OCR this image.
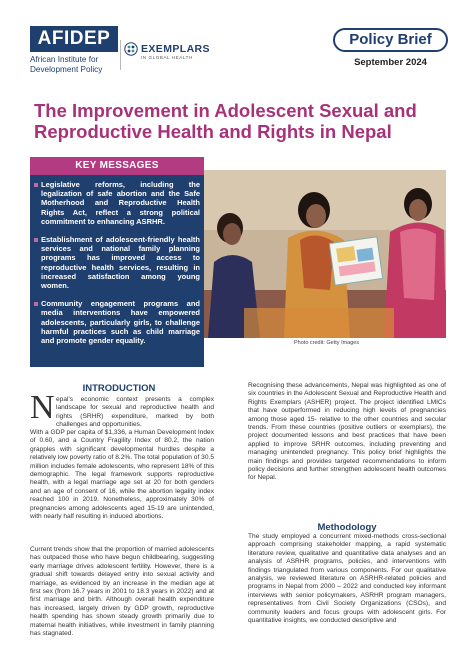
AFIDEP
African Institute for Development Policy
EXEMPLARS
IN GLOBAL HEALTH
Policy Brief
September 2024
The Improvement in Adolescent Sexual and Reproductive Health and Rights in Nepal
KEY MESSAGES
Legislative reforms, including the legalization of safe abortion and the Safe Motherhood and Reproductive Health Rights Act, reflect a strong political commitment to enhancing ASRHR.
Establishment of adolescent-friendly health services and national family planning programs has improved access to reproductive health services, resulting in increased satisfaction among young women.
Community engagement programs and media interventions have empowered adolescents, particularly girls, to challenge harmful practices such as child marriage and promote gender equality.	Photo credit: Getty Images
INTRODUCTION
N epal's economic context presents a complex landscape for sexual and reproductive health and rights (SRHR) expenditure, marked by both challenges and opportunities.

With a GDP per capita of $1,336, a Human Development Index of 0.60, and a Country Fragility Index of 80.2, the nation grapples with significant developmental hurdles despite a relatively low poverty ratio of 8.2%. The total population of 30.5 million includes female adolescents, who represent 18% of this demographic. The legal framework supports reproductive health, with a legal marriage age set at 20 for both genders and an age of consent of 16, while the abortion legality index reached 100 in 2019. Nonetheless, approximately 30% of pregnancies among adolescents aged 15-19 are unintended, with nearly half resulting in induced abortions.

Current trends show that the proportion of married adolescents has outpaced those who have begun childbearing, suggesting early marriage drives adolescent fertility. However, there is a gradual shift towards delayed entry into sexual activity and marriage, as evidenced by an increase in the median age at first sex (from 16.7 years in 2001 to 18.3 years in 2022) and at first marriage and birth. Although overall health expenditure has increased, largely driven by GDP growth, reproductive health spending has shown steady growth primarily due to maternal health initiatives, while investment in family planning has stagnated.

Recognising these advancements, Nepal was highlighted as one of six countries in the Adolescent Sexual and Reproductive Health and Rights Exemplars (ASHER) project. The project identified LMICs that have outperformed in reducing high levels of pregnancies among those aged 15- relative to the other countries and secular trends. From these countries (positive outliers or exemplars), the project documented lessons and best practices that have been applied to improve SRHR outcomes, including preventing and managing unintended pregnancy. This policy brief highlights the main findings and provides targeted recommendations to inform policy decisions and further strengthen adolescent health outcomes for Nepal.

Methodology

The study employed a concurrent mixed-methods cross-sectional approach comprising stakeholder mapping, a rapid systematic literature review, qualitative and quantitative data analyses and an analysis of ASRHR programs, policies, and interventions with findings triangulated from various components. For our qualitative analysis, we reviewed literature on ASRHR-related policies and programs in Nepal from 2000 – 2022 and conducted key informant interviews with senior policymakers, ASRHR program managers, representatives from Civil Society Organizations (CSOs), and community leaders and focus groups with adolescent girls. For quantitative insights, we conducted descriptive and
